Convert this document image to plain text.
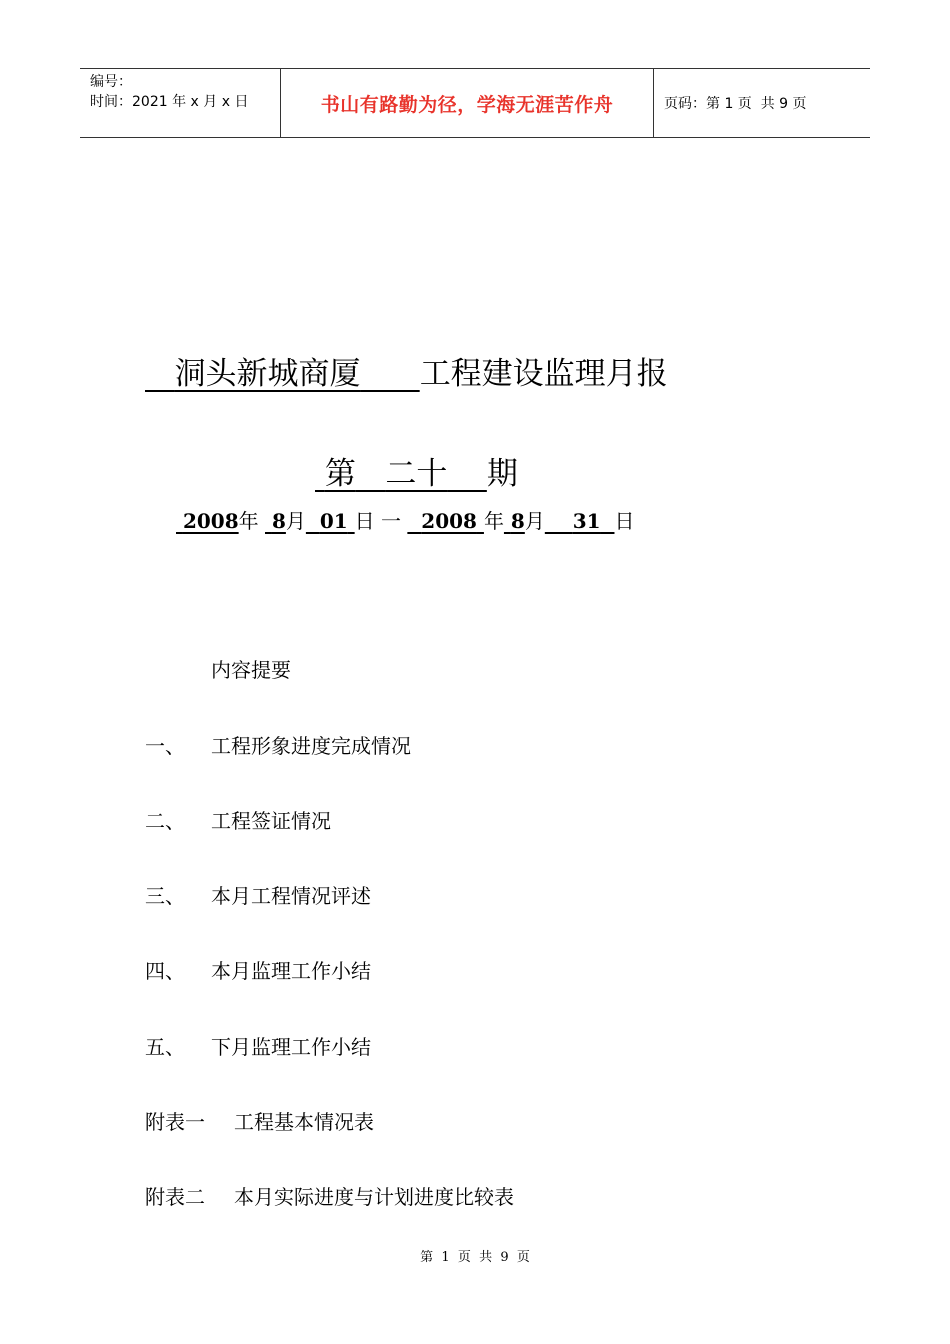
编号：
时间：2021 年 x 月 x 日	书山有路勤为径，学海无涯苦作舟	页码：第 1 页  共 9 页
洞头新城商厦 工程建设监理月报
第 二十 期
2008年 8月 01 日 一 2008 年 8月 31 日
内容提要
一、 工程形象进度完成情况
二、 工程签证情况
三、 本月工程情况评述
四、 本月监理工作小结
五、 下月监理工作小结
附表一 工程基本情况表
附表二 本月实际进度与计划进度比较表
第  1  页  共  9  页
